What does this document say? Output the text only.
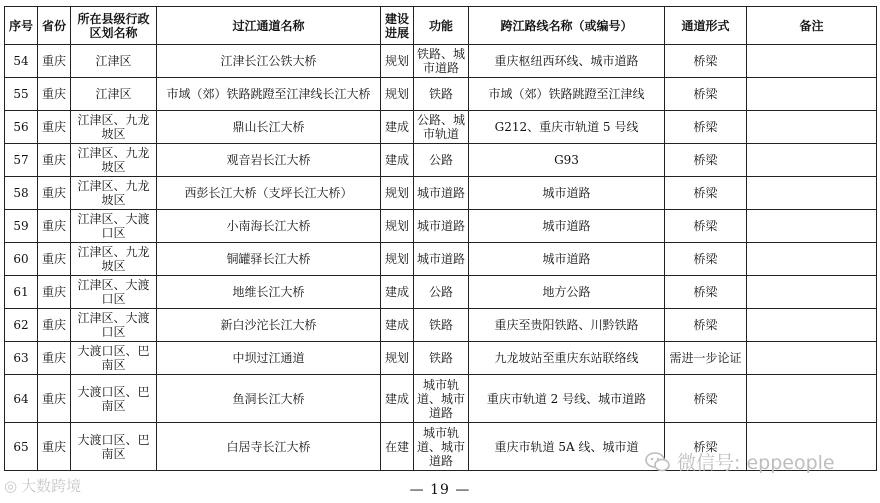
序号	省份	所在县级行政区划名称	过江通道名称	建设进展	功能	跨江路线名称（或编号）	通道形式	备注
54	重庆	江津区	江津长江公铁大桥	规划	铁路、城市道路	重庆枢纽西环线、城市道路	桥梁	
55	重庆	江津区	市域（郊）铁路跳蹬至江津线长江大桥	规划	铁路	市域（郊）铁路跳蹬至江津线	桥梁	
56	重庆	江津区、九龙坡区	鼎山长江大桥	建成	公路、城市轨道	G212、重庆市轨道 5 号线	桥梁	
57	重庆	江津区、九龙坡区	观音岩长江大桥	建成	公路	G93	桥梁	
58	重庆	江津区、九龙坡区	西彭长江大桥（支坪长江大桥）	规划	城市道路	城市道路	桥梁	
59	重庆	江津区、大渡口区	小南海长江大桥	规划	城市道路	城市道路	桥梁	
60	重庆	江津区、九龙坡区	铜罐驿长江大桥	规划	城市道路	城市道路	桥梁	
61	重庆	江津区、大渡口区	地维长江大桥	建成	公路	地方公路	桥梁	
62	重庆	江津区、大渡口区	新白沙沱长江大桥	建成	铁路	重庆至贵阳铁路、川黔铁路	桥梁	
63	重庆	大渡口区、巴南区	中坝过江通道	规划	铁路	九龙坡站至重庆东站联络线	需进一步论证	
64	重庆	大渡口区、巴南区	鱼洞长江大桥	建成	城市轨道、城市道路	重庆市轨道 2 号线、城市道路	桥梁	
65	重庆	大渡口区、巴南区	白居寺长江大桥	在建	城市轨道、城市道路	重庆市轨道 5A 线、城市道	桥梁	
— 19 —
◎ 大数跨境
微信号: eppeople
